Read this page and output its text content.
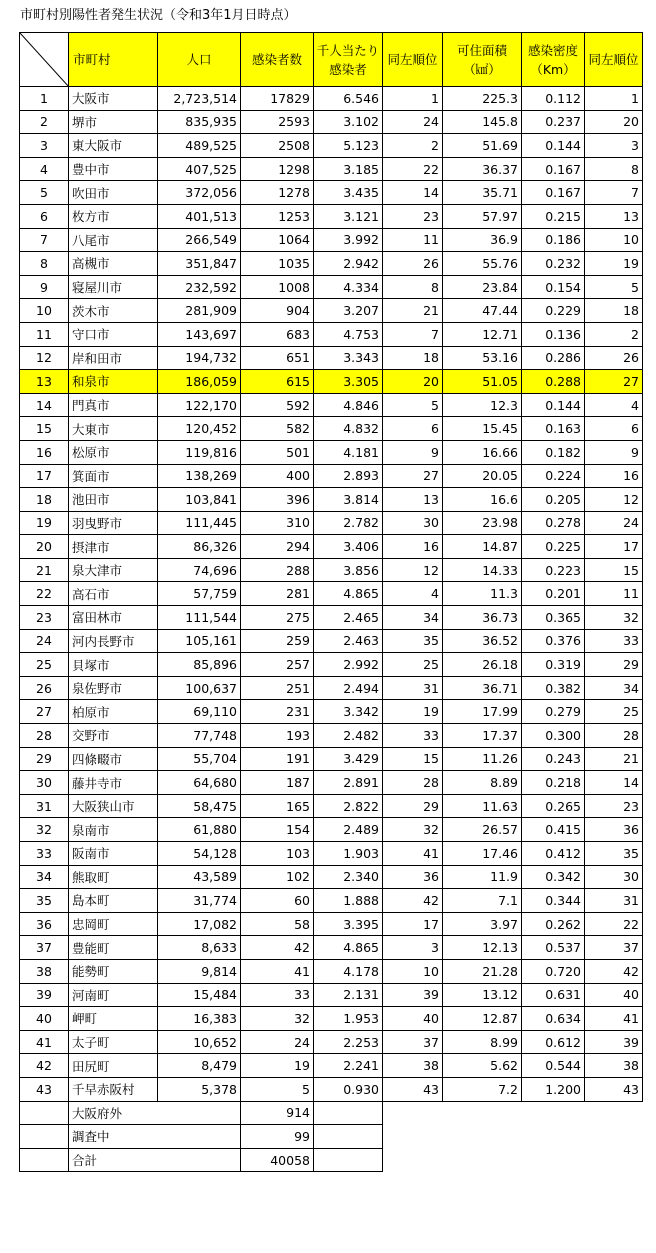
市町村別陽性者発生状況（令和3年1月日時点）
	市町村	人口	感染者数	千人当たり感染者	同左順位	可住面積（㎢）	感染密度（Km）	同左順位
1	大阪市	2,723,514	17829	6.546	1	225.3	0.112	1
2	堺市	835,935	2593	3.102	24	145.8	0.237	20
3	東大阪市	489,525	2508	5.123	2	51.69	0.144	3
4	豊中市	407,525	1298	3.185	22	36.37	0.167	8
5	吹田市	372,056	1278	3.435	14	35.71	0.167	7
6	枚方市	401,513	1253	3.121	23	57.97	0.215	13
7	八尾市	266,549	1064	3.992	11	36.9	0.186	10
8	高槻市	351,847	1035	2.942	26	55.76	0.232	19
9	寝屋川市	232,592	1008	4.334	8	23.84	0.154	5
10	茨木市	281,909	904	3.207	21	47.44	0.229	18
11	守口市	143,697	683	4.753	7	12.71	0.136	2
12	岸和田市	194,732	651	3.343	18	53.16	0.286	26
13	和泉市	186,059	615	3.305	20	51.05	0.288	27
14	門真市	122,170	592	4.846	5	12.3	0.144	4
15	大東市	120,452	582	4.832	6	15.45	0.163	6
16	松原市	119,816	501	4.181	9	16.66	0.182	9
17	箕面市	138,269	400	2.893	27	20.05	0.224	16
18	池田市	103,841	396	3.814	13	16.6	0.205	12
19	羽曳野市	111,445	310	2.782	30	23.98	0.278	24
20	摂津市	86,326	294	3.406	16	14.87	0.225	17
21	泉大津市	74,696	288	3.856	12	14.33	0.223	15
22	高石市	57,759	281	4.865	4	11.3	0.201	11
23	富田林市	111,544	275	2.465	34	36.73	0.365	32
24	河内長野市	105,161	259	2.463	35	36.52	0.376	33
25	貝塚市	85,896	257	2.992	25	26.18	0.319	29
26	泉佐野市	100,637	251	2.494	31	36.71	0.382	34
27	柏原市	69,110	231	3.342	19	17.99	0.279	25
28	交野市	77,748	193	2.482	33	17.37	0.300	28
29	四條畷市	55,704	191	3.429	15	11.26	0.243	21
30	藤井寺市	64,680	187	2.891	28	8.89	0.218	14
31	大阪狭山市	58,475	165	2.822	29	11.63	0.265	23
32	泉南市	61,880	154	2.489	32	26.57	0.415	36
33	阪南市	54,128	103	1.903	41	17.46	0.412	35
34	熊取町	43,589	102	2.340	36	11.9	0.342	30
35	島本町	31,774	60	1.888	42	7.1	0.344	31
36	忠岡町	17,082	58	3.395	17	3.97	0.262	22
37	豊能町	8,633	42	4.865	3	12.13	0.537	37
38	能勢町	9,814	41	4.178	10	21.28	0.720	42
39	河南町	15,484	33	2.131	39	13.12	0.631	40
40	岬町	16,383	32	1.953	40	12.87	0.634	41
41	太子町	10,652	24	2.253	37	8.99	0.612	39
42	田尻町	8,479	19	2.241	38	5.62	0.544	38
43	千早赤阪村	5,378	5	0.930	43	7.2	1.200	43
	大阪府外		914					
	調査中		99					
	合計		40058					
